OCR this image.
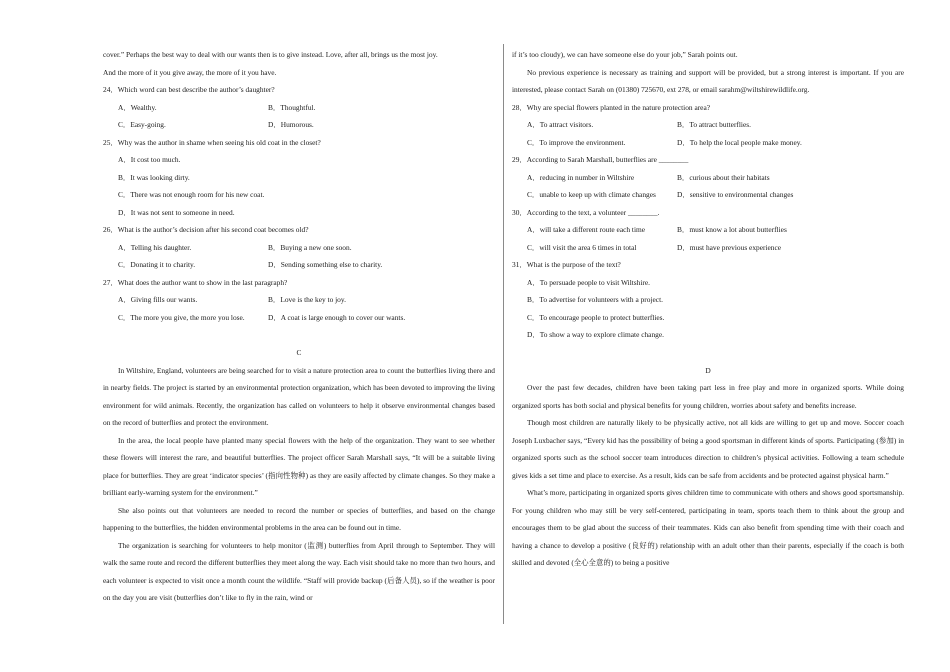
cover.” Perhaps the best way to deal with our wants then is to give instead. Love, after all, brings us the most joy.

And the more of it you give away, the more of it you have.

24．Which word can best describe the author’s daughter?

A．Wealthy.	B．Thoughtful.
C．Easy-going.	D．Humorous.

25．Why was the author in shame when seeing his old coat in the closet?

A．It cost too much.

B．It was looking dirty.

C．There was not enough room for his new coat.

D．It was not sent to someone in need.

26．What is the author’s decision after his second coat becomes old?

A．Telling his daughter.	B．Buying a new one soon.
C．Donating it to charity.	D．Sending something else to charity.

27．What does the author want to show in the last paragraph?

A．Giving fills our wants.	B．Love is the key to joy.
C．The more you give, the more you lose.	D．A coat is large enough to cover our wants.

C

In Wiltshire, England, volunteers are being searched for to visit a nature protection area to count the butterflies living there and in nearby fields. The project is started by an environmental protection organization, which has been devoted to improving the living environment for wild animals. Recently, the organization has called on volunteers to help it observe environmental changes based on the record of butterflies and protect the environment.

In the area, the local people have planted many special flowers with the help of the organization. They want to see whether these flowers will interest the rare, and beautiful butterflies. The project officer Sarah Marshall says, “It will be a suitable living place for butterflies. They are great ‘indicator species’ (指向性物种) as they are easily affected by climate changes. So they make a brilliant early-warning system for the environment.”

She also points out that volunteers are needed to record the number or species of butterflies, and based on the change happening to the butterflies, the hidden environmental problems in the area can be found out in time.

The organization is searching for volunteers to help monitor (监测) butterflies from April through to September. They will walk the same route and record the different butterflies they meet along the way. Each visit should take no more than two hours, and each volunteer is expected to visit once a month count the wildlife. “Staff will provide backup (后备人员), so if the weather is poor on the day you are visit (butterflies don’t like to fly in the rain, wind or

if it’s too cloudy), we can have someone else do your job,” Sarah points out.

No previous experience is necessary as training and support will be provided, but a strong interest is important. If you are interested, please contact Sarah on (01380) 725670, ext 278, or email sarahm@wiltshirewildlife.org.

28．Why are special flowers planted in the nature protection area?

A．To attract visitors.	B．To attract butterflies.
C．To improve the environment.	D．To help the local people make money.

29．According to Sarah Marshall, butterflies are ________

A．reducing in number in Wiltshire	B．curious about their habitats
C．unable to keep up with climate changes	D．sensitive to environmental changes

30．According to the text, a volunteer ________.

A．will take a different route each time	B．must know a lot about butterflies
C．will visit the area 6 times in total	D．must have previous experience

31．What is the purpose of the text?

A．To persuade people to visit Wiltshire.

B．To advertise for volunteers with a project.

C．To encourage people to protect butterflies.

D．To show a way to explore climate change.

D

Over the past few decades, children have been taking part less in free play and more in organized sports. While doing organized sports has both social and physical benefits for young children, worries about safety and benefits increase.

Though most children are naturally likely to be physically active, not all kids are willing to get up and move. Soccer coach Joseph Luxbacher says, “Every kid has the possibility of being a good sportsman in different kinds of sports. Participating (参加) in organized sports such as the school soccer team introduces direction to children’s physical activities. Following a team schedule gives kids a set time and place to exercise. As a result, kids can be safe from accidents and be protected against physical harm.”

What’s more, participating in organized sports gives children time to communicate with others and shows good sportsmanship. For young children who may still be very self-centered, participating in team, sports teach them to think about the group and encourages them to be glad about the success of their teammates. Kids can also benefit from spending time with their coach and having a chance to develop a positive (良好的) relationship with an adult other than their parents, especially if the coach is both skilled and devoted (全心全意的) to being a positive
